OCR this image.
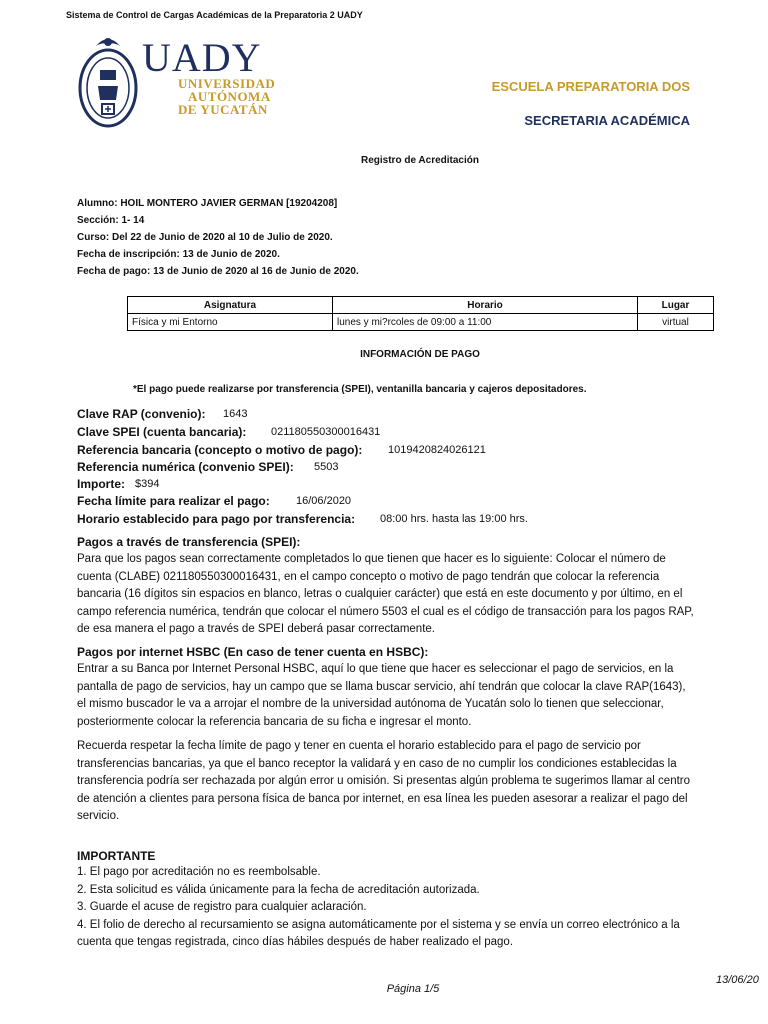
Sistema de Control de Cargas Académicas de la Preparatoria 2 UADY
UADY
UNIVERSIDAD
AUTÓNOMA
DE YUCATÁN
ESCUELA PREPARATORIA DOS
SECRETARIA ACADÉMICA
Registro de Acreditación
Alumno: HOIL MONTERO JAVIER GERMAN [19204208]
Sección: 1- 14
Curso: Del 22 de Junio de 2020 al 10 de Julio de 2020.
Fecha de inscripción: 13 de Junio de 2020.
Fecha de pago: 13 de Junio de 2020 al 16 de Junio de 2020.
Asignatura	Horario	Lugar
Física y mi Entorno	lunes y mi?rcoles de 09:00 a 11:00	virtual
INFORMACIÓN DE PAGO
*El pago puede realizarse por transferencia (SPEI), ventanilla bancaria y cajeros depositadores.
Clave RAP (convenio): 1643
Clave SPEI (cuenta bancaria): 021180550300016431
Referencia bancaria (concepto o motivo de pago): 1019420824026121
Referencia numérica (convenio SPEI): 5503
Importe: $394
Fecha límite para realizar el pago: 16/06/2020
Horario establecido para pago por transferencia: 08:00 hrs. hasta las 19:00 hrs.
Pagos a través de transferencia (SPEI):
Para que los pagos sean correctamente completados lo que tienen que hacer es lo siguiente: Colocar el número de cuenta (CLABE) 021180550300016431, en el campo concepto o motivo de pago tendrán que colocar la referencia bancaria (16 dígitos sin espacios en blanco, letras o cualquier carácter) que está en este documento y por último, en el campo referencia numérica, tendrán que colocar el número 5503 el cual es el código de transacción para los pagos RAP, de esa manera el pago a través de SPEI deberá pasar correctamente.
Pagos por internet HSBC (En caso de tener cuenta en HSBC):
Entrar a su Banca por Internet Personal HSBC, aquí lo que tiene que hacer es seleccionar el pago de servicios, en la pantalla de pago de servicios, hay un campo que se llama buscar servicio, ahí tendrán que colocar la clave RAP(1643), el mismo buscador le va a arrojar el nombre de la universidad autónoma de Yucatán solo lo tienen que seleccionar, posteriormente colocar la referencia bancaria de su ficha e ingresar el monto.
Recuerda respetar la fecha límite de pago y tener en cuenta el horario establecido para el pago de servicio por transferencias bancarias, ya que el banco receptor la validará y en caso de no cumplir los condiciones establecidas la transferencia podría ser rechazada por algún error u omisión. Si presentas algún problema te sugerimos llamar al centro de atención a clientes para persona física de banca por internet, en esa línea les pueden asesorar a realizar el pago del servicio.
IMPORTANTE
1. El pago por acreditación no es reembolsable.
2. Esta solicitud es válida únicamente para la fecha de acreditación autorizada.
3. Guarde el acuse de registro para cualquier aclaración.
4. El folio de derecho al recursamiento se asigna automáticamente por el sistema y se envía un correo electrónico a la cuenta que tengas registrada, cinco días hábiles después de haber realizado el pago.
Página 1/5
13/06/20
